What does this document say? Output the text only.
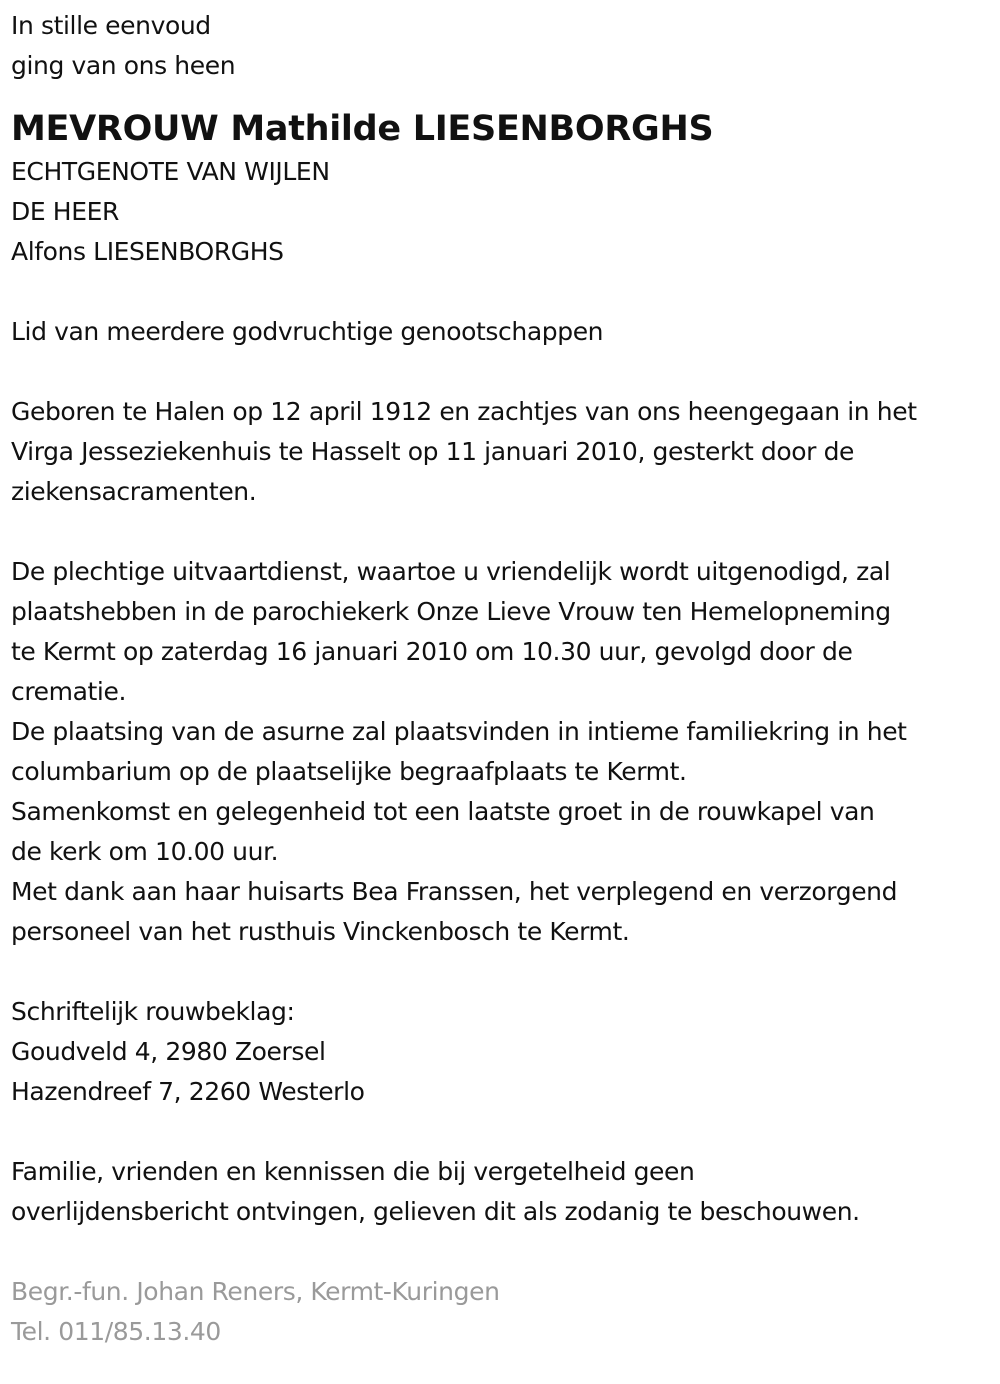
In stille eenvoud
ging van ons heen
MEVROUW Mathilde LIESENBORGHS
ECHTGENOTE VAN WIJLEN
DE HEER
Alfons LIESENBORGHS
Lid van meerdere godvruchtige genootschappen
Geboren te Halen op 12 april 1912 en zachtjes van ons heengegaan in het
Virga Jesseziekenhuis te Hasselt op 11 januari 2010, gesterkt door de
ziekensacramenten.
De plechtige uitvaartdienst, waartoe u vriendelijk wordt uitgenodigd, zal
plaatshebben in de parochiekerk Onze Lieve Vrouw ten Hemelopneming
te Kermt op zaterdag 16 januari 2010 om 10.30 uur, gevolgd door de
crematie.
De plaatsing van de asurne zal plaatsvinden in intieme familiekring in het
columbarium op de plaatselijke begraafplaats te Kermt.
Samenkomst en gelegenheid tot een laatste groet in de rouwkapel van
de kerk om 10.00 uur.
Met dank aan haar huisarts Bea Franssen, het verplegend en verzorgend
personeel van het rusthuis Vinckenbosch te Kermt.
Schriftelijk rouwbeklag:
Goudveld 4, 2980 Zoersel
Hazendreef 7, 2260 Westerlo
Familie, vrienden en kennissen die bij vergetelheid geen
overlijdensbericht ontvingen, gelieven dit als zodanig te beschouwen.
Begr.-fun. Johan Reners, Kermt-Kuringen
Tel. 011/85.13.40
